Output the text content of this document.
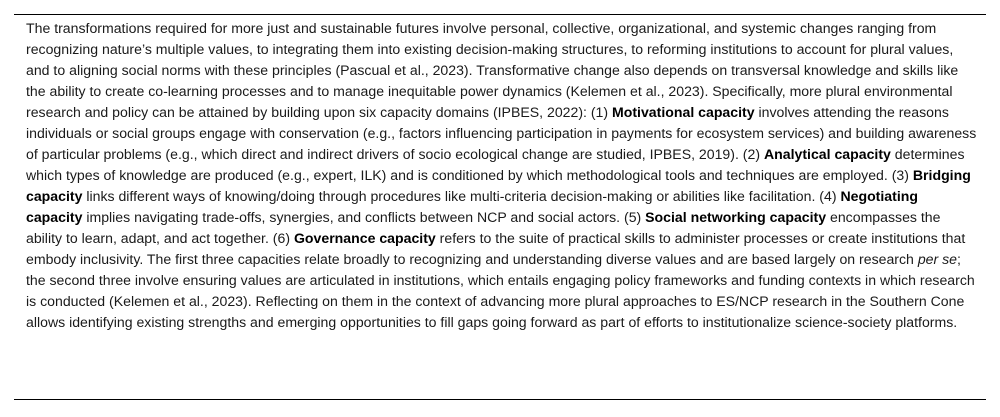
The transformations required for more just and sustainable futures involve personal, collective, organizational, and systemic changes ranging from recognizing nature’s multiple values, to integrating them into existing decision-making structures, to reforming institutions to account for plural values, and to aligning social norms with these principles (Pascual et al., 2023). Transformative change also depends on transversal knowledge and skills like the ability to create co-learning processes and to manage inequitable power dynamics (Kelemen et al., 2023). Specifically, more plural environmental research and policy can be attained by building upon six capacity domains (IPBES, 2022): (1) Motivational capacity involves attending the reasons individuals or social groups engage with conservation (e.g., factors influencing participation in payments for ecosystem services) and building awareness of particular problems (e.g., which direct and indirect drivers of socio ecological change are studied, IPBES, 2019). (2) Analytical capacity determines which types of knowledge are produced (e.g., expert, ILK) and is conditioned by which methodological tools and techniques are employed. (3) Bridging capacity links different ways of knowing/doing through procedures like multi-criteria decision-making or abilities like facilitation. (4) Negotiating capacity implies navigating trade-offs, synergies, and conflicts between NCP and social actors. (5) Social networking capacity encompasses the ability to learn, adapt, and act together. (6) Governance capacity refers to the suite of practical skills to administer processes or create institutions that embody inclusivity. The first three capacities relate broadly to recognizing and understanding diverse values and are based largely on research per se; the second three involve ensuring values are articulated in institutions, which entails engaging policy frameworks and funding contexts in which research is conducted (Kelemen et al., 2023). Reflecting on them in the context of advancing more plural approaches to ES/NCP research in the Southern Cone allows identifying existing strengths and emerging opportunities to fill gaps going forward as part of efforts to institutionalize science-society platforms.
